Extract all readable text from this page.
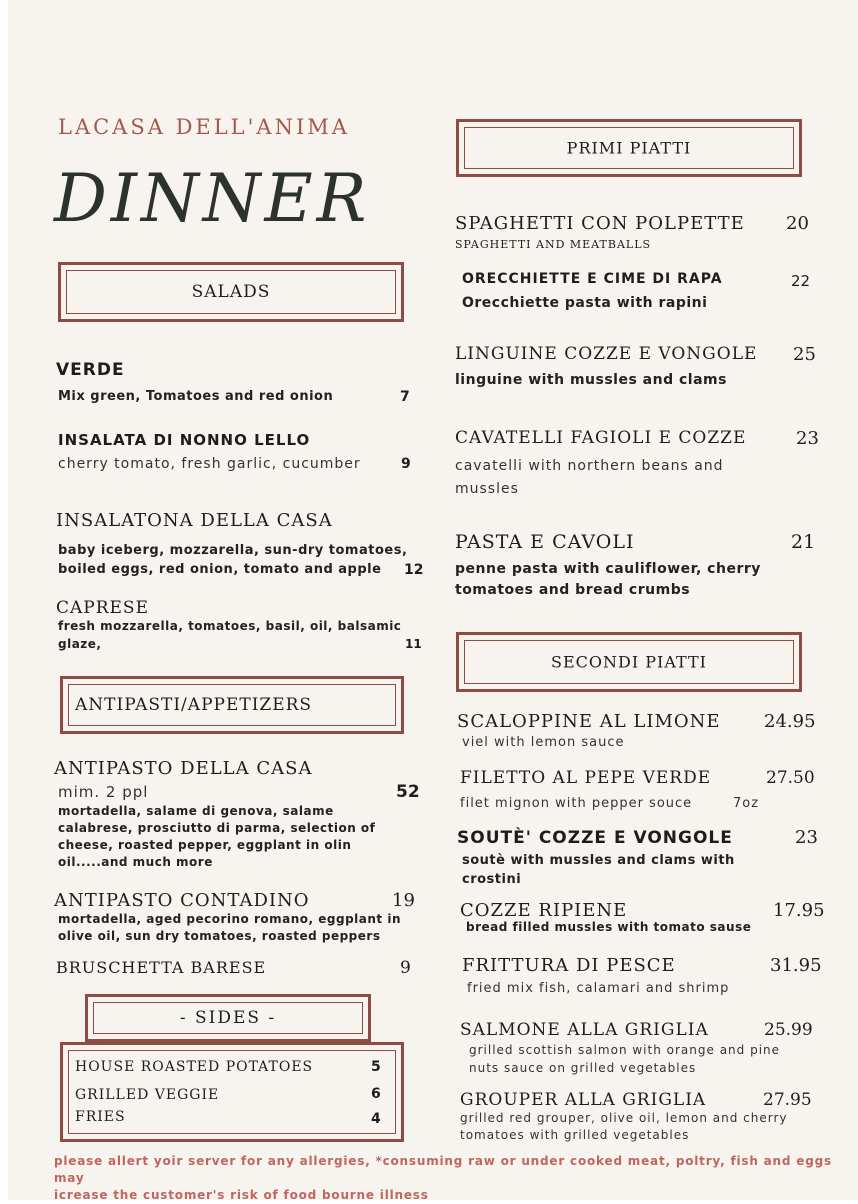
LACASA DELL'ANIMA
DINNER
SALADS
VERDE
Mix green, Tomatoes and red onion	7
INSALATA DI NONNO LELLO
cherry tomato, fresh garlic, cucumber	9
INSALATONA DELLA CASA
baby iceberg, mozzarella, sun-dry tomatoes,
boiled eggs, red onion, tomato and apple 12
CAPRESE
fresh mozzarella, tomatoes, basil, oil, balsamic
glaze,	11
ANTIPASTI/APPETIZERS
ANTIPASTO DELLA CASA
mim. 2 ppl	52
mortadella, salame di genova, salame
calabrese, prosciutto di parma, selection of
cheese, roasted pepper, eggplant in olin
oil.....and much more
ANTIPASTO CONTADINO	19
mortadella, aged pecorino romano, eggplant in
olive oil, sun dry tomatoes, roasted peppers
BRUSCHETTA BARESE	9
- SIDES -
HOUSE ROASTED POTATOES	5
GRILLED VEGGIE	6
FRIES	4
PRIMI PIATTI
SPAGHETTI CON POLPETTE 20
SPAGHETTI AND MEATBALLS
ORECCHIETTE E CIME DI RAPA	22
Orecchiette pasta with rapini
LINGUINE COZZE E VONGOLE 25
linguine with mussles and clams
CAVATELLI FAGIOLI E COZZE	23
cavatelli with northern beans and
mussles
PASTA E CAVOLI	21
penne pasta with cauliflower, cherry
tomatoes and bread crumbs
SECONDI PIATTI
SCALOPPINE AL LIMONE 24.95
viel with lemon sauce
FILETTO AL PEPE VERDE	27.50
filet mignon with pepper souce	7oz
SOUTÈ' COZZE E VONGOLE	23
soutè with mussles and clams with
crostini
COZZE RIPIENE	17.95
bread filled mussles with tomato sause
FRITTURA DI PESCE	31.95
fried mix fish, calamari and shrimp
SALMONE ALLA GRIGLIA	25.99
grilled scottish salmon with orange and pine
nuts sauce on grilled vegetables
GROUPER ALLA GRIGLIA	27.95
grilled red grouper, olive oil, lemon and cherry
tomatoes with grilled vegetables
please allert yoir server for any allergies, *consuming raw or under cooked meat, poltry, fish and eggs may
icrease the customer's risk of food bourne illness
